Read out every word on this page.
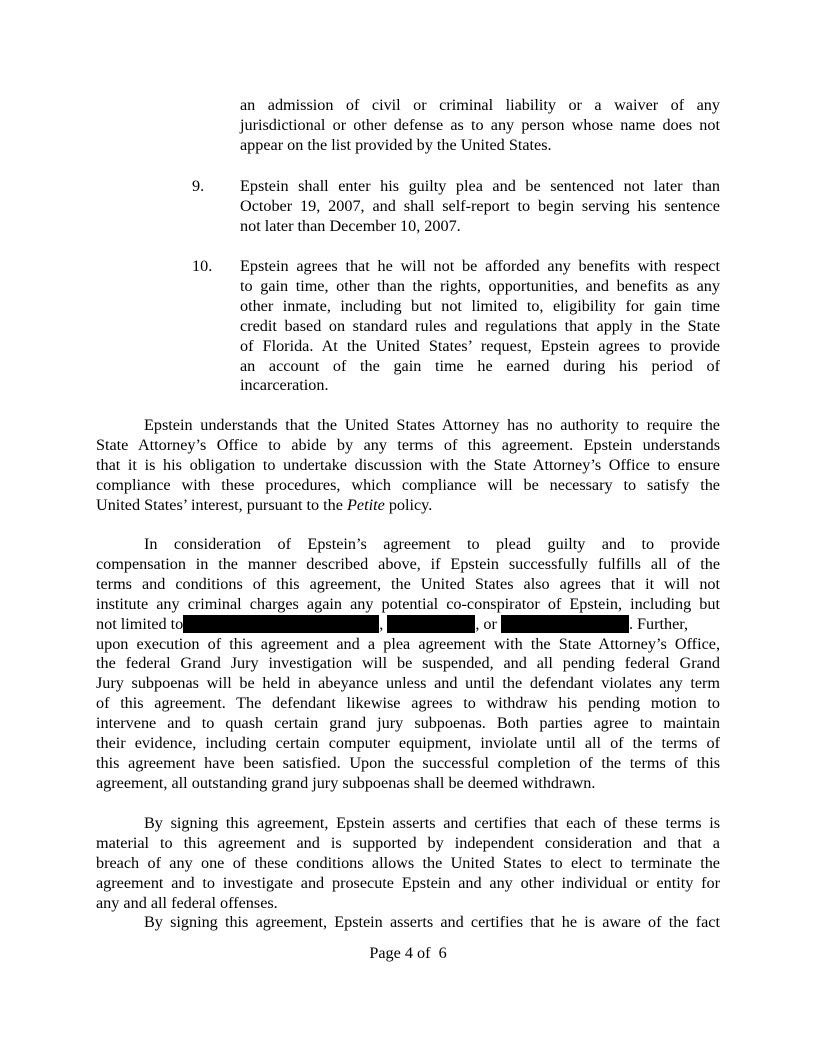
an admission of civil or criminal liability or a waiver of any
jurisdictional or other defense as to any person whose name does not
appear on the list provided by the United States.
9. Epstein shall enter his guilty plea and be sentenced not later than
October 19, 2007, and shall self-report to begin serving his sentence
not later than December 10, 2007.
10. Epstein agrees that he will not be afforded any benefits with respect
to gain time, other than the rights, opportunities, and benefits as any
other inmate, including but not limited to, eligibility for gain time
credit based on standard rules and regulations that apply in the State
of Florida. At the United States’ request, Epstein agrees to provide
an account of the gain time he earned during his period of
incarceration.
Epstein understands that the United States Attorney has no authority to require the
State Attorney’s Office to abide by any terms of this agreement. Epstein understands
that it is his obligation to undertake discussion with the State Attorney’s Office to ensure
compliance with these procedures, which compliance will be necessary to satisfy the
United States’ interest, pursuant to the Petite policy.
In consideration of Epstein’s agreement to plead guilty and to provide
compensation in the manner described above, if Epstein successfully fulfills all of the
terms and conditions of this agreement, the United States also agrees that it will not
institute any criminal charges again any potential co-conspirator of Epstein, including but
not limited to	,	, or	. Further,
upon execution of this agreement and a plea agreement with the State Attorney’s Office,
the federal Grand Jury investigation will be suspended, and all pending federal Grand
Jury subpoenas will be held in abeyance unless and until the defendant violates any term
of this agreement. The defendant likewise agrees to withdraw his pending motion to
intervene and to quash certain grand jury subpoenas. Both parties agree to maintain
their evidence, including certain computer equipment, inviolate until all of the terms of
this agreement have been satisfied. Upon the successful completion of the terms of this
agreement, all outstanding grand jury subpoenas shall be deemed withdrawn.
By signing this agreement, Epstein asserts and certifies that each of these terms is
material to this agreement and is supported by independent consideration and that a
breach of any one of these conditions allows the United States to elect to terminate the
agreement and to investigate and prosecute Epstein and any other individual or entity for
any and all federal offenses.
By signing this agreement, Epstein asserts and certifies that he is aware of the fact
Page 4 of 6
